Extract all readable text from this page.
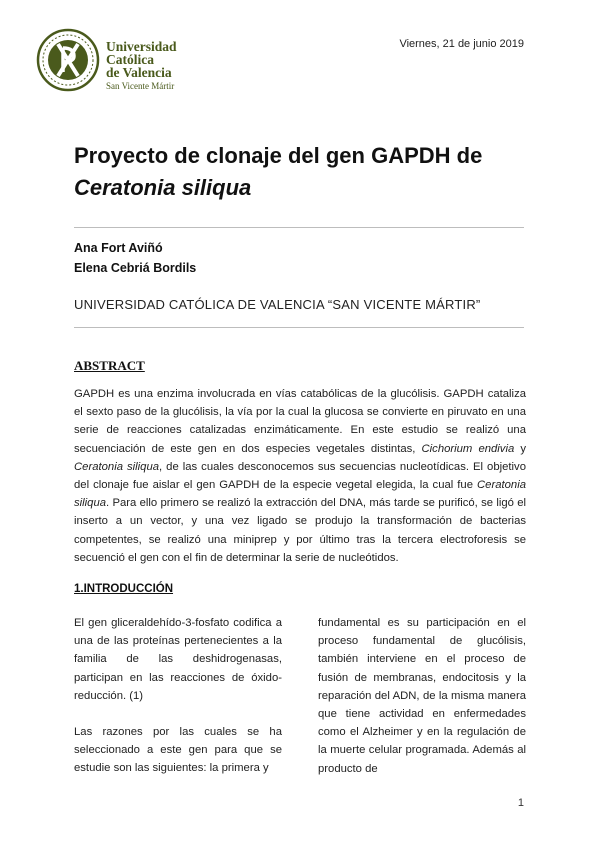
Universidad
Católica
de Valencia
San Vicente Mártir
Viernes, 21 de junio 2019
Proyecto de clonaje del gen GAPDH de
Ceratonia siliqua
Ana Fort Aviñó
Elena Cebriá Bordils
UNIVERSIDAD CATÓLICA DE VALENCIA “SAN VICENTE MÁRTIR”
ABSTRACT
GAPDH es una enzima involucrada en vías catabólicas de la glucólisis. GAPDH cataliza el sexto paso de la glucólisis, la vía por la cual la glucosa se convierte en piruvato en una serie de reacciones catalizadas enzimáticamente. En este estudio se realizó una secuenciación de este gen en dos especies vegetales distintas, Cichorium endivia y Ceratonia siliqua, de las cuales desconocemos sus secuencias nucleotídicas. El objetivo del clonaje fue aislar el gen GAPDH de la especie vegetal elegida, la cual fue Ceratonia siliqua. Para ello primero se realizó la extracción del DNA, más tarde se purificó, se ligó el inserto a un vector, y una vez ligado se produjo la transformación de bacterias competentes, se realizó una miniprep y por último tras la tercera electroforesis se secuenció el gen con el fin de determinar la serie de nucleótidos.
1.INTRODUCCIÓN

El gen gliceraldehído-3-fosfato codifica a una de las proteínas pertenecientes a la familia de las deshidrogenasas, participan en las reacciones de óxido-reducción. (1)

Las razones por las cuales se ha seleccionado a este gen para que se estudie son las siguientes: la primera y

fundamental es su participación en el proceso fundamental de glucólisis, también interviene en el proceso de fusión de membranas, endocitosis y la reparación del ADN, de la misma manera que tiene actividad en enfermedades como el Alzheimer y en la regulación de la muerte celular programada. Además al producto de

1
